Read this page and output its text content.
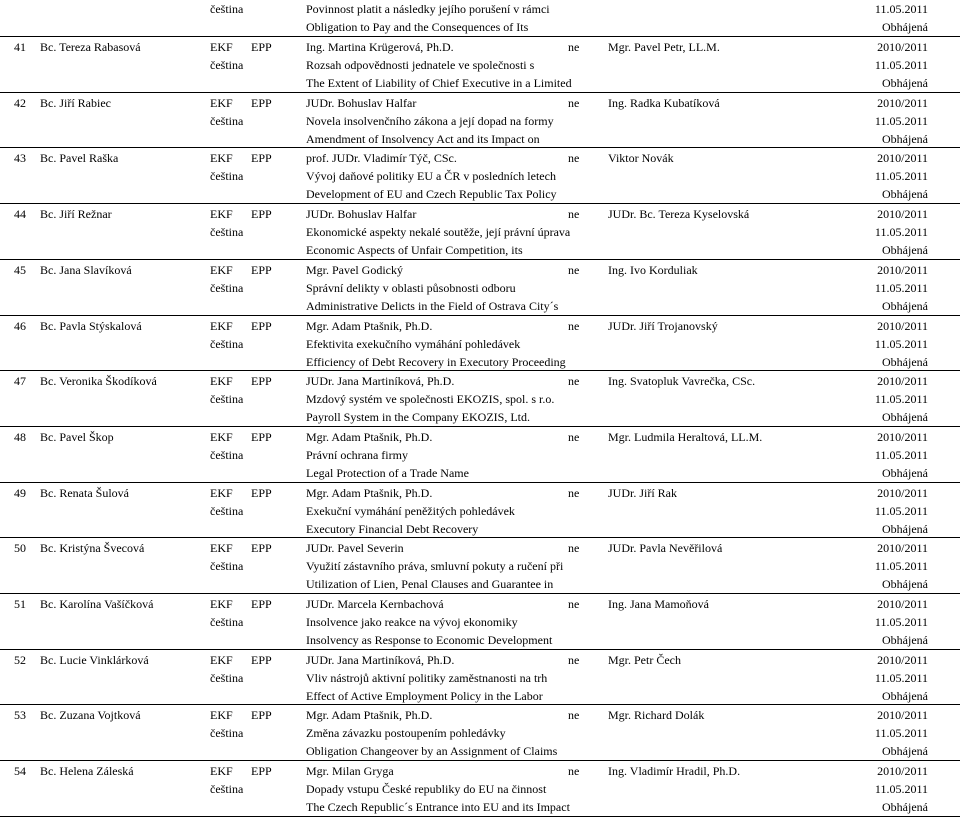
čeština	Povinnost platit a následky jejího porušení v rámci	11.05.2011
Obligation to Pay and the Consequences of Its	Obhájená
41 Bc. Tereza Rabasová	EKF EPP	Ing. Martina Krügerová, Ph.D.	ne Mgr. Pavel Petr, LL.M.	2010/2011
čeština	Rozsah odpovědnosti jednatele ve společnosti s	11.05.2011
The Extent of Liability of Chief Executive in a Limited	Obhájená
42 Bc. Jiří Rabiec	EKF EPP	JUDr. Bohuslav Halfar	ne Ing. Radka Kubatíková	2010/2011
čeština	Novela insolvenčního zákona a její dopad na formy	11.05.2011
Amendment of Insolvency Act and its Impact on	Obhájená
43 Bc. Pavel Raška	EKF EPP	prof. JUDr. Vladimír Týč, CSc.	ne Viktor Novák	2010/2011
čeština	Vývoj daňové politiky EU a ČR v posledních letech	11.05.2011
Development of EU and Czech Republic Tax Policy	Obhájená
44 Bc. Jiří Režnar	EKF EPP	JUDr. Bohuslav Halfar	ne JUDr. Bc. Tereza Kyselovská	2010/2011
čeština	Ekonomické aspekty nekalé soutěže, její právní úprava	11.05.2011
Economic Aspects of Unfair Competition, its	Obhájená
45 Bc. Jana Slavíková	EKF EPP	Mgr. Pavel Godický	ne Ing. Ivo Korduliak	2010/2011
čeština	Správní delikty v oblasti působnosti odboru	11.05.2011
Administrative Delicts in the Field of Ostrava City´s	Obhájená
46 Bc. Pavla Stýskalová	EKF EPP	Mgr. Adam Ptašnik, Ph.D.	ne JUDr. Jiří Trojanovský	2010/2011
čeština	Efektivita exekučního vymáhání pohledávek	11.05.2011
Efficiency of Debt Recovery in Executory Proceeding	Obhájená
47 Bc. Veronika Škodíková	EKF EPP	JUDr. Jana Martiníková, Ph.D.	ne Ing. Svatopluk Vavrečka, CSc.	2010/2011
čeština	Mzdový systém ve společnosti EKOZIS, spol. s r.o.	11.05.2011
Payroll System in the Company EKOZIS, Ltd.	Obhájená
48 Bc. Pavel Škop	EKF EPP	Mgr. Adam Ptašnik, Ph.D.	ne Mgr. Ludmila Heraltová, LL.M.	2010/2011
čeština	Právní ochrana firmy	11.05.2011
Legal Protection of a Trade Name	Obhájená
49 Bc. Renata Šulová	EKF EPP	Mgr. Adam Ptašnik, Ph.D.	ne JUDr. Jiří Rak	2010/2011
čeština	Exekuční vymáhání peněžitých pohledávek	11.05.2011
Executory Financial Debt Recovery	Obhájená
50 Bc. Kristýna Švecová	EKF EPP	JUDr. Pavel Severin	ne JUDr. Pavla Nevěřilová	2010/2011
čeština	Využití zástavního práva, smluvní pokuty a ručení při	11.05.2011
Utilization of Lien, Penal Clauses and Guarantee in	Obhájená
51 Bc. Karolína Vašíčková	EKF EPP	JUDr. Marcela Kernbachová	ne Ing. Jana Mamoňová	2010/2011
čeština	Insolvence jako reakce na vývoj ekonomiky	11.05.2011
Insolvency as Response to Economic Development	Obhájená
52 Bc. Lucie Vinklárková	EKF EPP	JUDr. Jana Martiníková, Ph.D.	ne Mgr. Petr Čech	2010/2011
čeština	Vliv nástrojů aktivní politiky zaměstnanosti na trh	11.05.2011
Effect of Active Employment Policy in the Labor	Obhájená
53 Bc. Zuzana Vojtková	EKF EPP	Mgr. Adam Ptašnik, Ph.D.	ne Mgr. Richard Dolák	2010/2011
čeština	Změna závazku postoupením pohledávky	11.05.2011
Obligation Changeover by an Assignment of Claims	Obhájená
54 Bc. Helena Záleská	EKF EPP	Mgr. Milan Gryga	ne Ing. Vladimír Hradil, Ph.D.	2010/2011
čeština	Dopady vstupu České republiky do EU na činnost	11.05.2011
The Czech Republic´s Entrance into EU and its Impact	Obhájená
